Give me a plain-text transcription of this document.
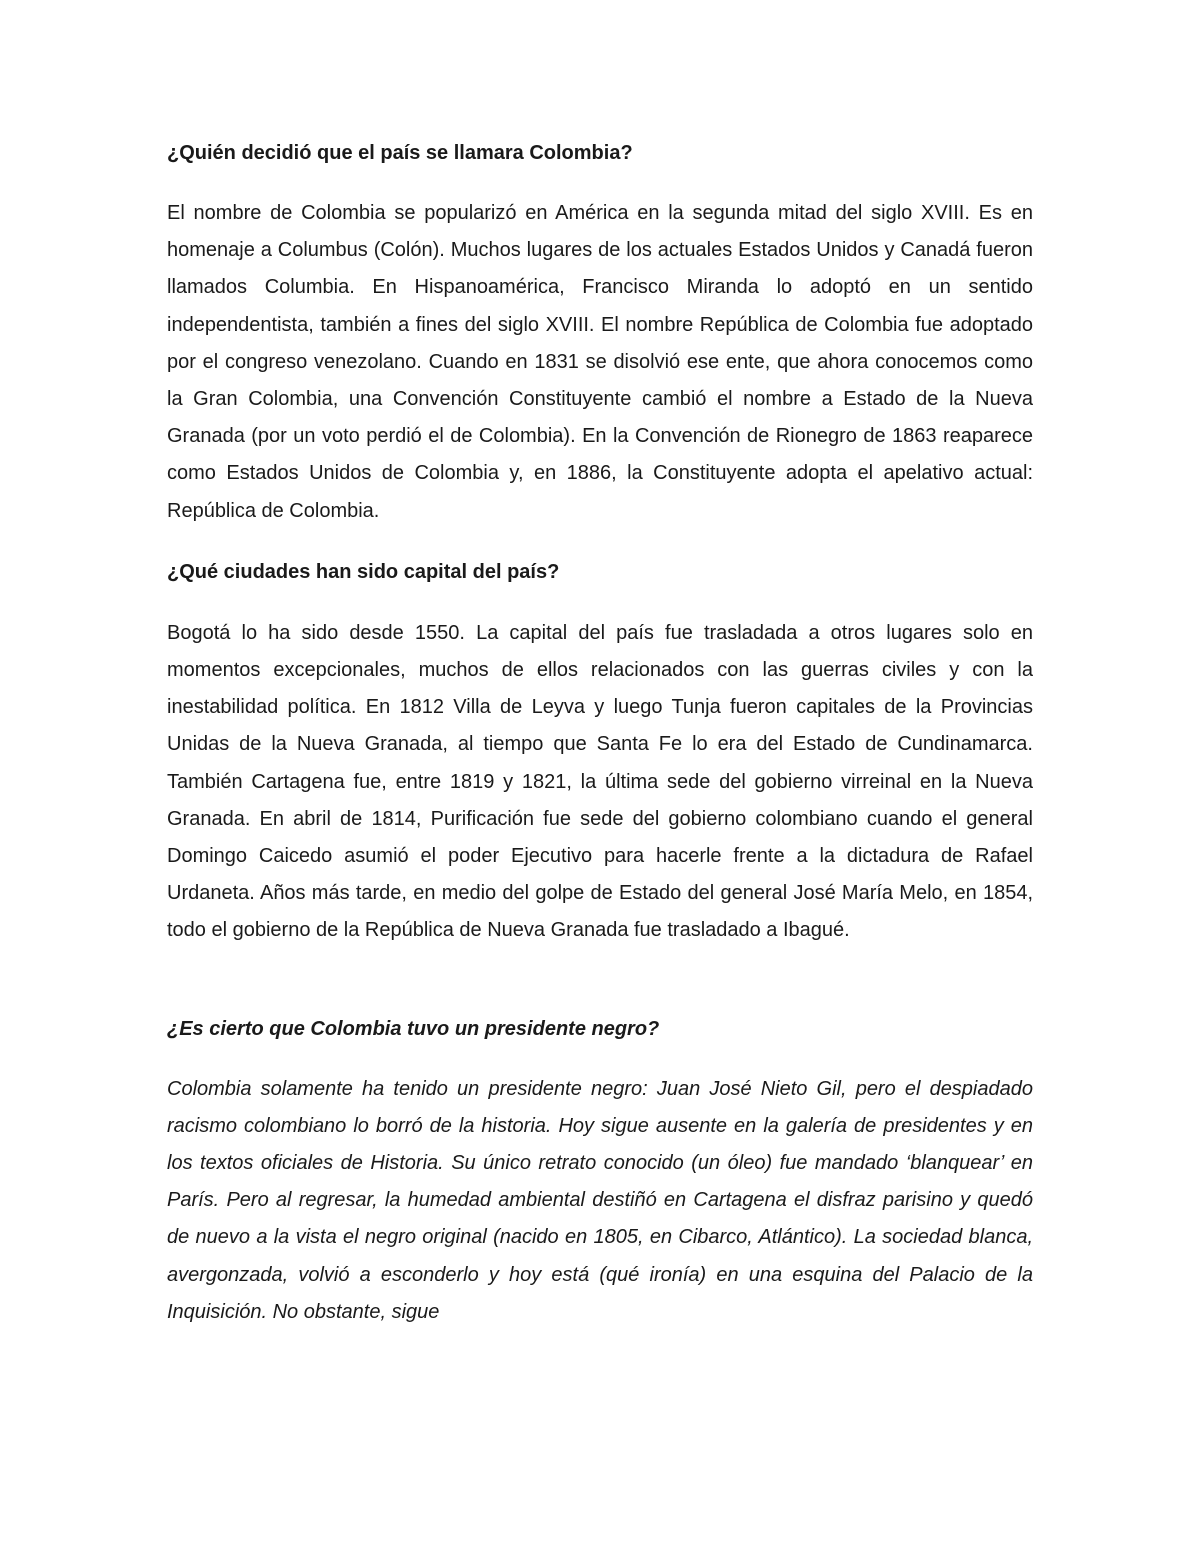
¿Quién decidió que el país se llamara Colombia?

El nombre de Colombia se popularizó en América en la segunda mitad del siglo XVIII. Es en homenaje a Columbus (Colón). Muchos lugares de los actuales Estados Unidos y Canadá fueron llamados Columbia. En Hispanoamérica, Francisco Miranda lo adoptó en un sentido independentista, también a fines del siglo XVIII. El nombre República de Colombia fue adoptado por el congreso venezolano. Cuando en 1831 se disolvió ese ente, que ahora conocemos como la Gran Colombia, una Convención Constituyente cambió el nombre a Estado de la Nueva Granada (por un voto perdió el de Colombia). En la Convención de Rionegro de 1863 reaparece como Estados Unidos de Colombia y, en 1886, la Constituyente adopta el apelativo actual: República de Colombia.

¿Qué ciudades han sido capital del país?

Bogotá lo ha sido desde 1550. La capital del país fue trasladada a otros lugares solo en momentos excepcionales, muchos de ellos relacionados con las guerras civiles y con la inestabilidad política. En 1812 Villa de Leyva y luego Tunja fueron capitales de la Provincias Unidas de la Nueva Granada, al tiempo que Santa Fe lo era del Estado de Cundinamarca. También Cartagena fue, entre 1819 y 1821, la última sede del gobierno virreinal en la Nueva Granada. En abril de 1814, Purificación fue sede del gobierno colombiano cuando el general Domingo Caicedo asumió el poder Ejecutivo para hacerle frente a la dictadura de Rafael Urdaneta. Años más tarde, en medio del golpe de Estado del general José María Melo, en 1854, todo el gobierno de la República de Nueva Granada fue trasladado a Ibagué.

¿Es cierto que Colombia tuvo un presidente negro?

Colombia solamente ha tenido un presidente negro: Juan José Nieto Gil, pero el despiadado racismo colombiano lo borró de la historia. Hoy sigue ausente en la galería de presidentes y en los textos oficiales de Historia. Su único retrato conocido (un óleo) fue mandado ‘blanquear’ en París. Pero al regresar, la humedad ambiental destiñó en Cartagena el disfraz parisino y quedó de nuevo a la vista el negro original (nacido en 1805, en Cibarco, Atlántico). La sociedad blanca, avergonzada, volvió a esconderlo y hoy está (qué ironía) en una esquina del Palacio de la Inquisición. No obstante, sigue
